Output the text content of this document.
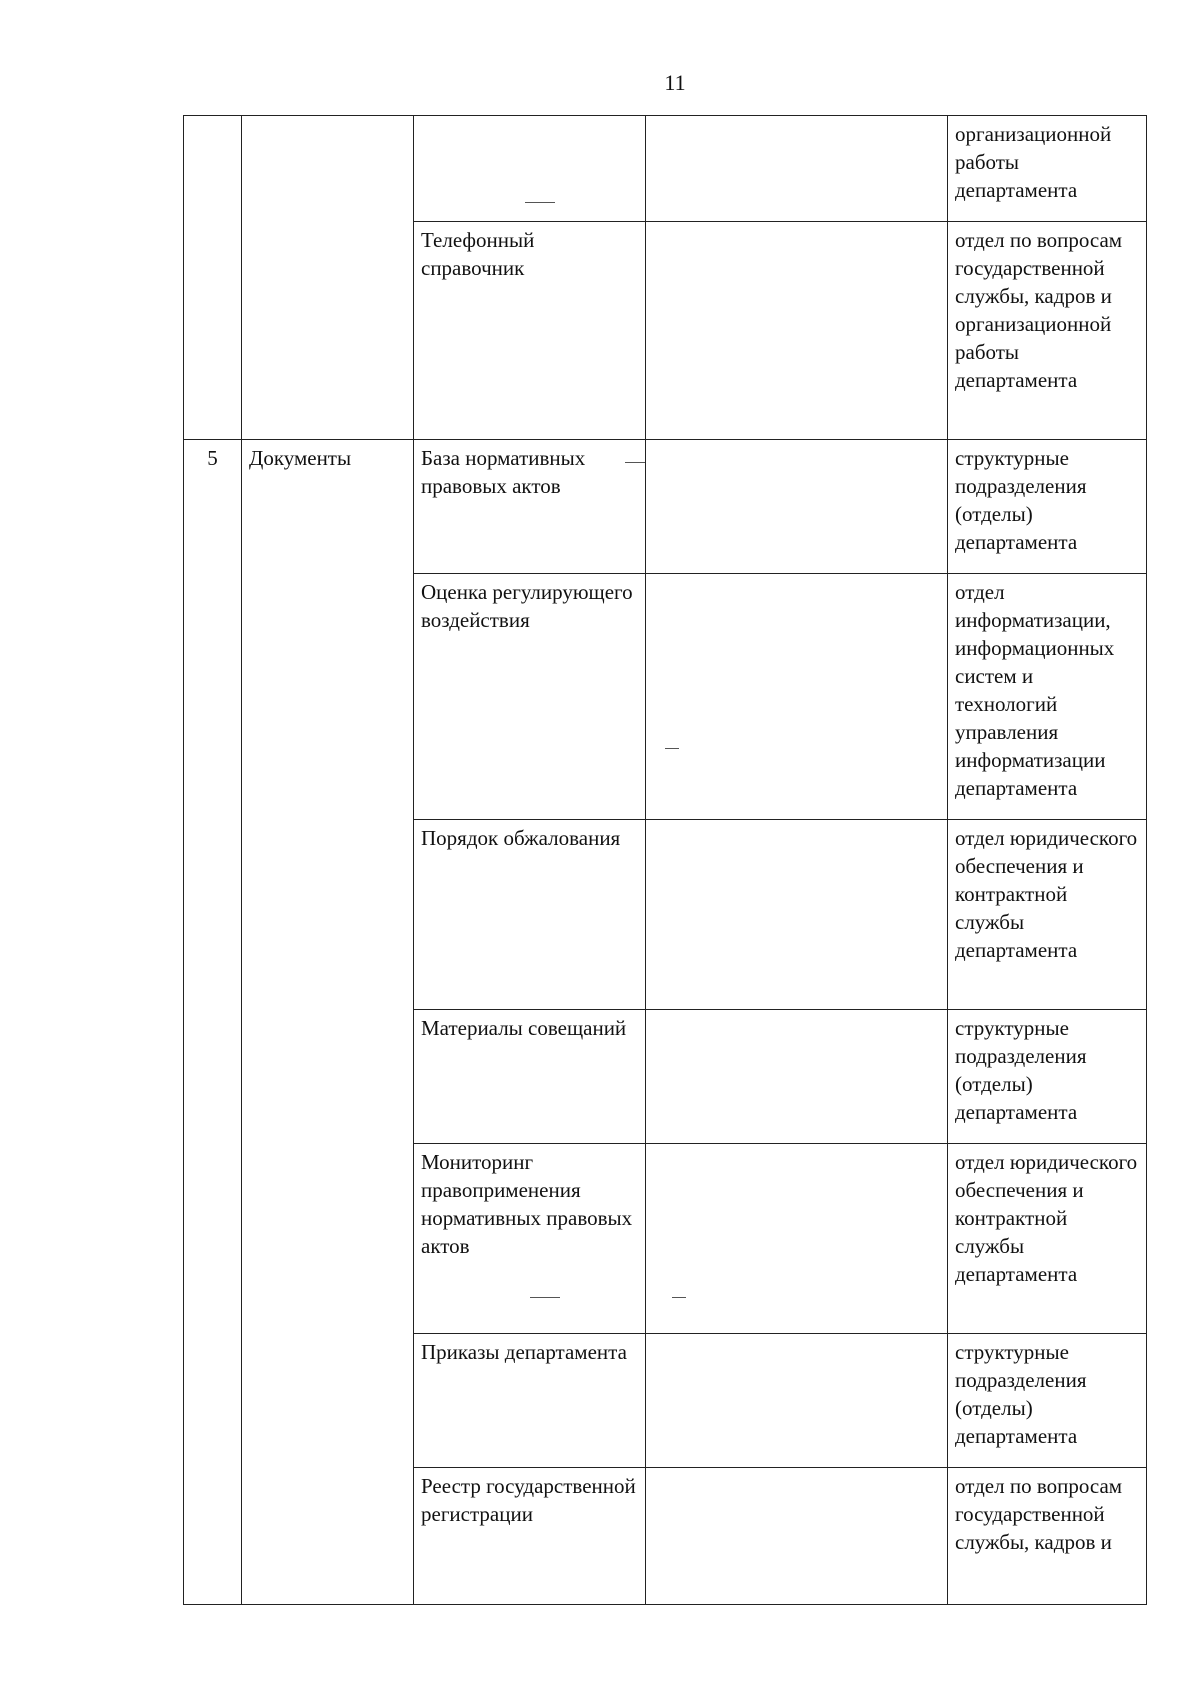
11
				организационной работы департамента
		Телефонный справочник		отдел по вопросам государственной службы, кадров и организационной работы департамента
5	Документы	База нормативных правовых актов		структурные подразделения (отделы) департамента
		Оценка регулирующего воздействия		отдел информатизации, информационных систем и технологий управления информатизации департамента
		Порядок обжалования		отдел юридического обеспечения и контрактной службы департамента
		Материалы совещаний		структурные подразделения (отделы) департамента
		Мониторинг правоприменения нормативных правовых актов		отдел юридического обеспечения и контрактной службы департамента
		Приказы департамента		структурные подразделения (отделы) департамента
		Реестр государственной регистрации		отдел по вопросам государственной службы, кадров и
